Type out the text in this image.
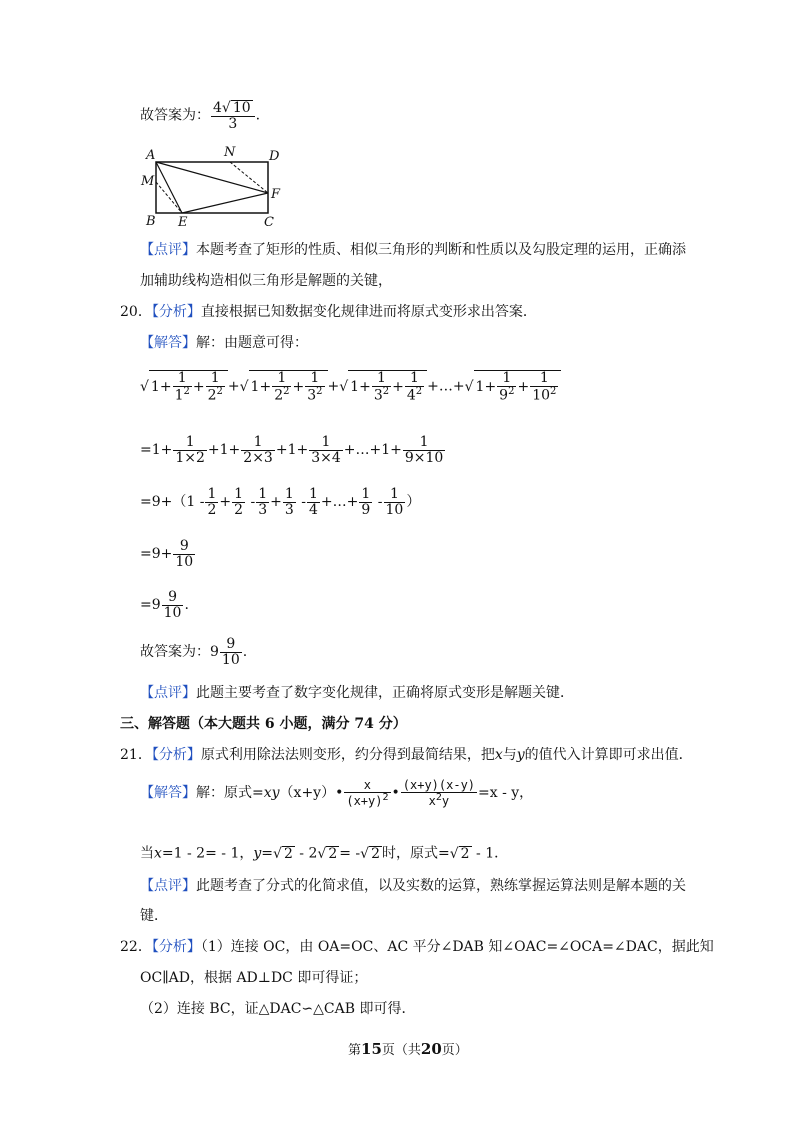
故答案为： $\frac{4√ 10}{3}$ .
A	N	D
M
F
B E	C
【点评】本题考查了矩形的性质、相似三角形的判断和性质以及勾股定理的运用，正确添
加辅助线构造相似三角形是解题的关键，
20．【分析】直接根据已知数据变化规律进而将原式变形求出答案．
【解答】解：由题意可得：
√ $1+ \frac{1}{1^2} + \frac{1}{2^2}$ +√ $1+ \frac{1}{2^2} + \frac{1}{3^2}$ +√ $1+ \frac{1}{3^2} + \frac{1}{4^2}$ +…+√ $1+ \frac{1}{9^2} + \frac{1}{10^2}$
$=1+ \frac{1}{1\times 2} +1+ \frac{1}{2\times 3} +1+ \frac{1}{3\times 4}$ +…+1+ $\frac{1}{9\times 10}$
$=9+(1 - \frac{1}{2} + \frac{1}{2} - \frac{1}{3} + \frac{1}{3} - \frac{1}{4}$ +…+ $\frac{1}{9} - \frac{1}{10}$ ）
$=9+ \frac{9}{10}$
$=9 \frac{9}{10}$ .
故答案为：$9 \frac{9}{10}$ .
【点评】此题主要考查了数字变化规律，正确将原式变形是解题关键．
三、解答题（本大题共 6 小题，满分 74 分）
21．【分析】原式利用除法法则变形，约分得到最简结果，把x与y的值代入计算即可求出值．
【解答】解：原式=xy（x+y）• $\frac{x}{(x+y)^2}$ • $\frac{(x+y)(x-y)}{x^2y} =x - y$，
当x=1 - 2= - 1，y=√ 2 - 2√ 2 = -√ 2 时，原式=√ 2 - 1．
【点评】此题考查了分式的化简求值，以及实数的运算，熟练掌握运算法则是解本题的关
键．
22．【分析】（1）连接 OC，由 OA=OC、AC 平分∠DAB 知∠OAC=∠OCA=∠DAC，据此知
OC∥AD，根据 AD⊥DC 即可得证；
（2）连接 BC，证△DAC∽△CAB 即可得．
第15页（共20页）
